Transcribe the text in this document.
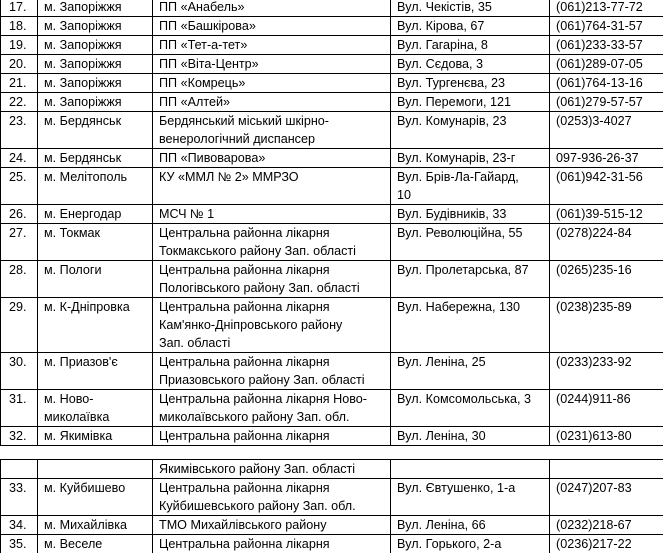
17.	м. Запоріжжя	ПП «Анабель»	Вул. Чекістів, 35	(061)213-77-72
18.	м. Запоріжжя	ПП «Башкірова»	Вул. Кірова, 67	(061)764-31-57
19.	м. Запоріжжя	ПП «Тет-а-тет»	Вул. Гагаріна, 8	(061)233-33-57
20.	м. Запоріжжя	ПП «Віта-Центр»	Вул. Сєдова, 3	(061)289-07-05
21.	м. Запоріжжя	ПП «Комрець»	Вул. Тургенєва, 23	(061)764-13-16
22.	м. Запоріжжя	ПП «Алтей»	Вул. Перемоги, 121	(061)279-57-57
23.	м. Бердянськ	Бердянський міський шкірно-
венерологічний диспансер	Вул. Комунарів, 23	(0253)3-4027
24.	м. Бердянськ	ПП «Пивоварова»	Вул. Комунарів, 23-г	097-936-26-37
25.	м. Мелітополь	КУ «ММЛ № 2» ММРЗО	Вул. Брів-Ла-Гайард,
10	(061)942-31-56
26.	м. Енергодар	МСЧ № 1	Вул. Будівників, 33	(061)39-515-12
27.	м. Токмак	Центральна районна лікарня
Токмакського району Зап. області	Вул. Революційна, 55	(0278)224-84
28.	м. Пологи	Центральна районна лікарня
Пологівського району Зап. області	Вул. Пролетарська, 87	(0265)235-16
29.	м. К-Дніпровка	Центральна районна лікарня
Кам'янко-Дніпровського району
Зап. області	Вул. Набережна, 130	(0238)235-89
30.	м. Приазов'є	Центральна районна лікарня
Приазовського району Зап. області	Вул. Леніна, 25	(0233)233-92
31.	м. Ново-
миколаївка	Центральна районна лікарня Ново-
миколаївського району Зап. обл.	Вул. Комсомольська, 3	(0244)911-86
32.	м. Якимівка	Центральна районна лікарня	Вул. Леніна, 30	(0231)613-80

		Якимівського району Зап. області		

33.	м. Куйбишево	Центральна районна лікарня
Куйбишевського району Зап. обл.	Вул. Євтушенко, 1-а	(0247)207-83
34.	м. Михайлівка	ТМО Михайлівського району	Вул. Леніна, 66	(0232)218-67
35.	м. Веселе	Центральна районна лікарня	Вул. Горького, 2-а	(0236)217-22
